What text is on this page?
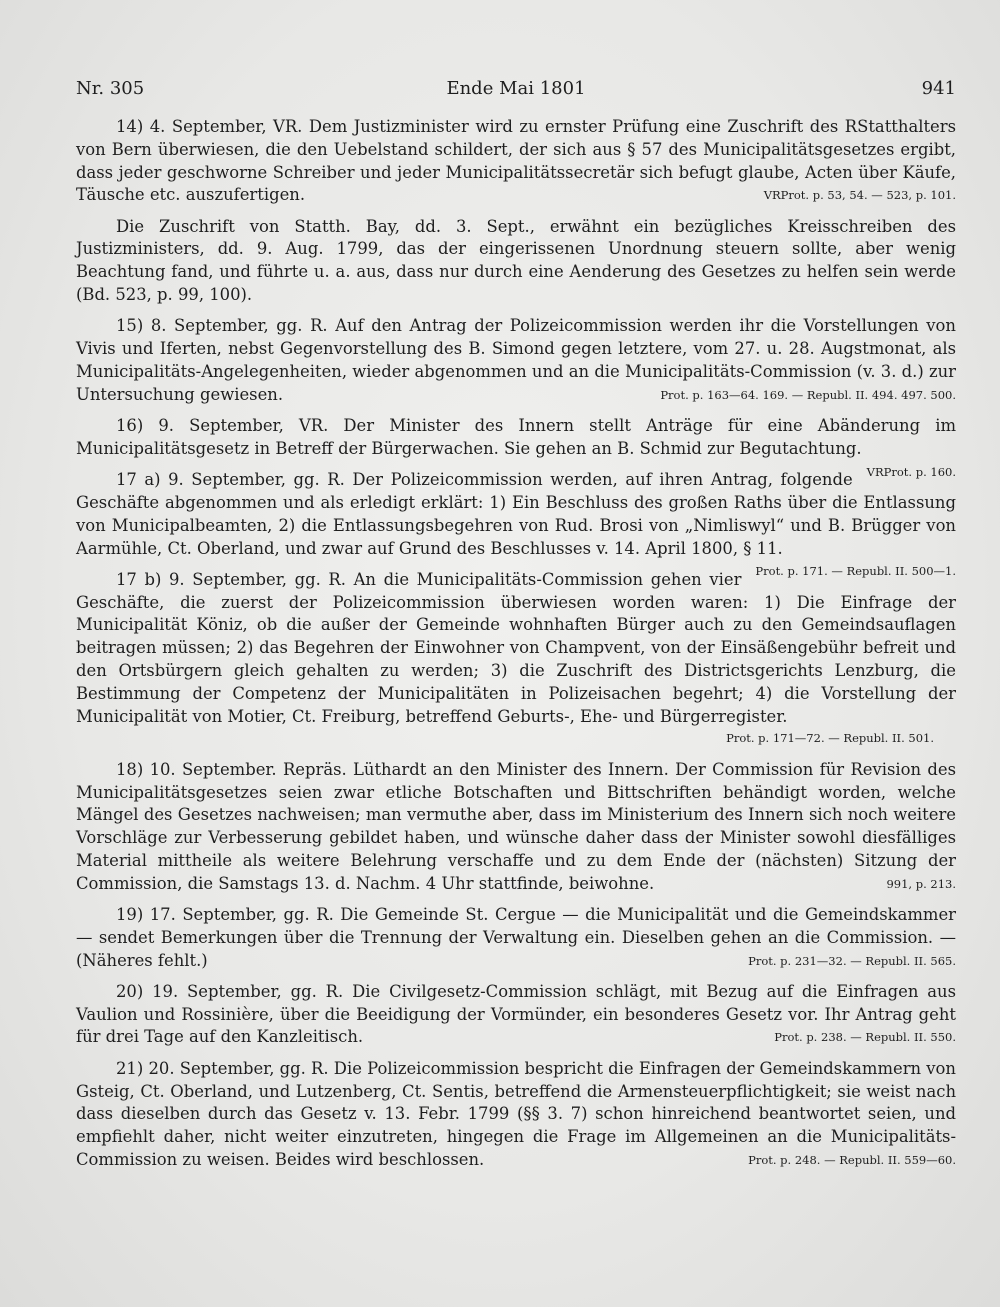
Nr. 305	Ende Mai 1801	941

14) 4. September, VR. Dem Justizminister wird zu ernster Prüfung eine Zuschrift des RStatthalters von Bern überwiesen, die den Uebelstand schildert, der sich aus § 57 des Municipalitätsgesetzes ergibt, dass jeder geschworne Schreiber und jeder Municipalitätssecretär sich befugt glaube, Acten über Käufe, Täusche etc. auszufertigen.	VRProt. p. 53, 54. — 523, p. 101.

Die Zuschrift von Statth. Bay, dd. 3. Sept., erwähnt ein bezügliches Kreisschreiben des Justizministers, dd. 9. Aug. 1799, das der eingerissenen Unordnung steuern sollte, aber wenig Beachtung fand, und führte u. a. aus, dass nur durch eine Aenderung des Gesetzes zu helfen sein werde (Bd. 523, p. 99, 100).

15) 8. September, gg. R. Auf den Antrag der Polizeicommission werden ihr die Vorstellungen von Vivis und Iferten, nebst Gegenvorstellung des B. Simond gegen letztere, vom 27. u. 28. Augstmonat, als Municipalitäts-Angelegenheiten, wieder abgenommen und an die Municipalitäts-Commission (v. 3. d.) zur Untersuchung gewiesen.	Prot. p. 163—64. 169. — Republ. II. 494. 497. 500.

16) 9. September, VR. Der Minister des Innern stellt Anträge für eine Abänderung im Municipalitätsgesetz in Betreff der Bürgerwachen. Sie gehen an B. Schmid zur Begutachtung.
VRProt. p. 160.

17 a) 9. September, gg. R. Der Polizeicommission werden, auf ihren Antrag, folgende Geschäfte abgenommen und als erledigt erklärt: 1) Ein Beschluss des großen Raths über die Entlassung von Municipalbeamten, 2) die Entlassungsbegehren von Rud. Brosi von „Nimliswyl“ und B. Brügger von Aarmühle, Ct. Oberland, und zwar auf Grund des Beschlusses v. 14. April 1800, § 11.
Prot. p. 171. — Republ. II. 500—1.

17 b) 9. September, gg. R. An die Municipalitäts-Commission gehen vier Geschäfte, die zuerst der Polizeicommission überwiesen worden waren: 1) Die Einfrage der Municipalität Köniz, ob die außer der Gemeinde wohnhaften Bürger auch zu den Gemeindsauflagen beitragen müssen; 2) das Begehren der Einwohner von Champvent, von der Einsäßengebühr befreit und den Ortsbürgern gleich gehalten zu werden; 3) die Zuschrift des Districtsgerichts Lenzburg, die Bestimmung der Competenz der Municipalitäten in Polizeisachen begehrt; 4) die Vorstellung der Municipalität von Motier, Ct. Freiburg, betreffend Geburts-, Ehe- und Bürgerregister.
Prot. p. 171—72. — Republ. II. 501.

18) 10. September. Repräs. Lüthardt an den Minister des Innern. Der Commission für Revision des Municipalitätsgesetzes seien zwar etliche Botschaften und Bittschriften behändigt worden, welche Mängel des Gesetzes nachweisen; man vermuthe aber, dass im Ministerium des Innern sich noch weitere Vorschläge zur Verbesserung gebildet haben, und wünsche daher dass der Minister sowohl diesfälliges Material mittheile als weitere Belehrung verschaffe und zu dem Ende der (nächsten) Sitzung der Commission, die Samstags 13. d. Nachm. 4 Uhr stattfinde, beiwohne.	991, p. 213.

19) 17. September, gg. R. Die Gemeinde St. Cergue — die Municipalität und die Gemeindskammer — sendet Bemerkungen über die Trennung der Verwaltung ein. Dieselben gehen an die Commission. — (Näheres fehlt.)	Prot. p. 231—32. — Republ. II. 565.

20) 19. September, gg. R. Die Civilgesetz-Commission schlägt, mit Bezug auf die Einfragen aus Vaulion und Rossinière, über die Beeidigung der Vormünder, ein besonderes Gesetz vor. Ihr Antrag geht für drei Tage auf den Kanzleitisch.	Prot. p. 238. — Republ. II. 550.

21) 20. September, gg. R. Die Polizeicommission bespricht die Einfragen der Gemeindskammern von Gsteig, Ct. Oberland, und Lutzenberg, Ct. Sentis, betreffend die Armensteuerpflichtigkeit; sie weist nach dass dieselben durch das Gesetz v. 13. Febr. 1799 (§§ 3. 7) schon hinreichend beantwortet seien, und empfiehlt daher, nicht weiter einzutreten, hingegen die Frage im Allgemeinen an die Municipalitäts-Commission zu weisen. Beides wird beschlossen.	Prot. p. 248. — Republ. II. 559—60.
